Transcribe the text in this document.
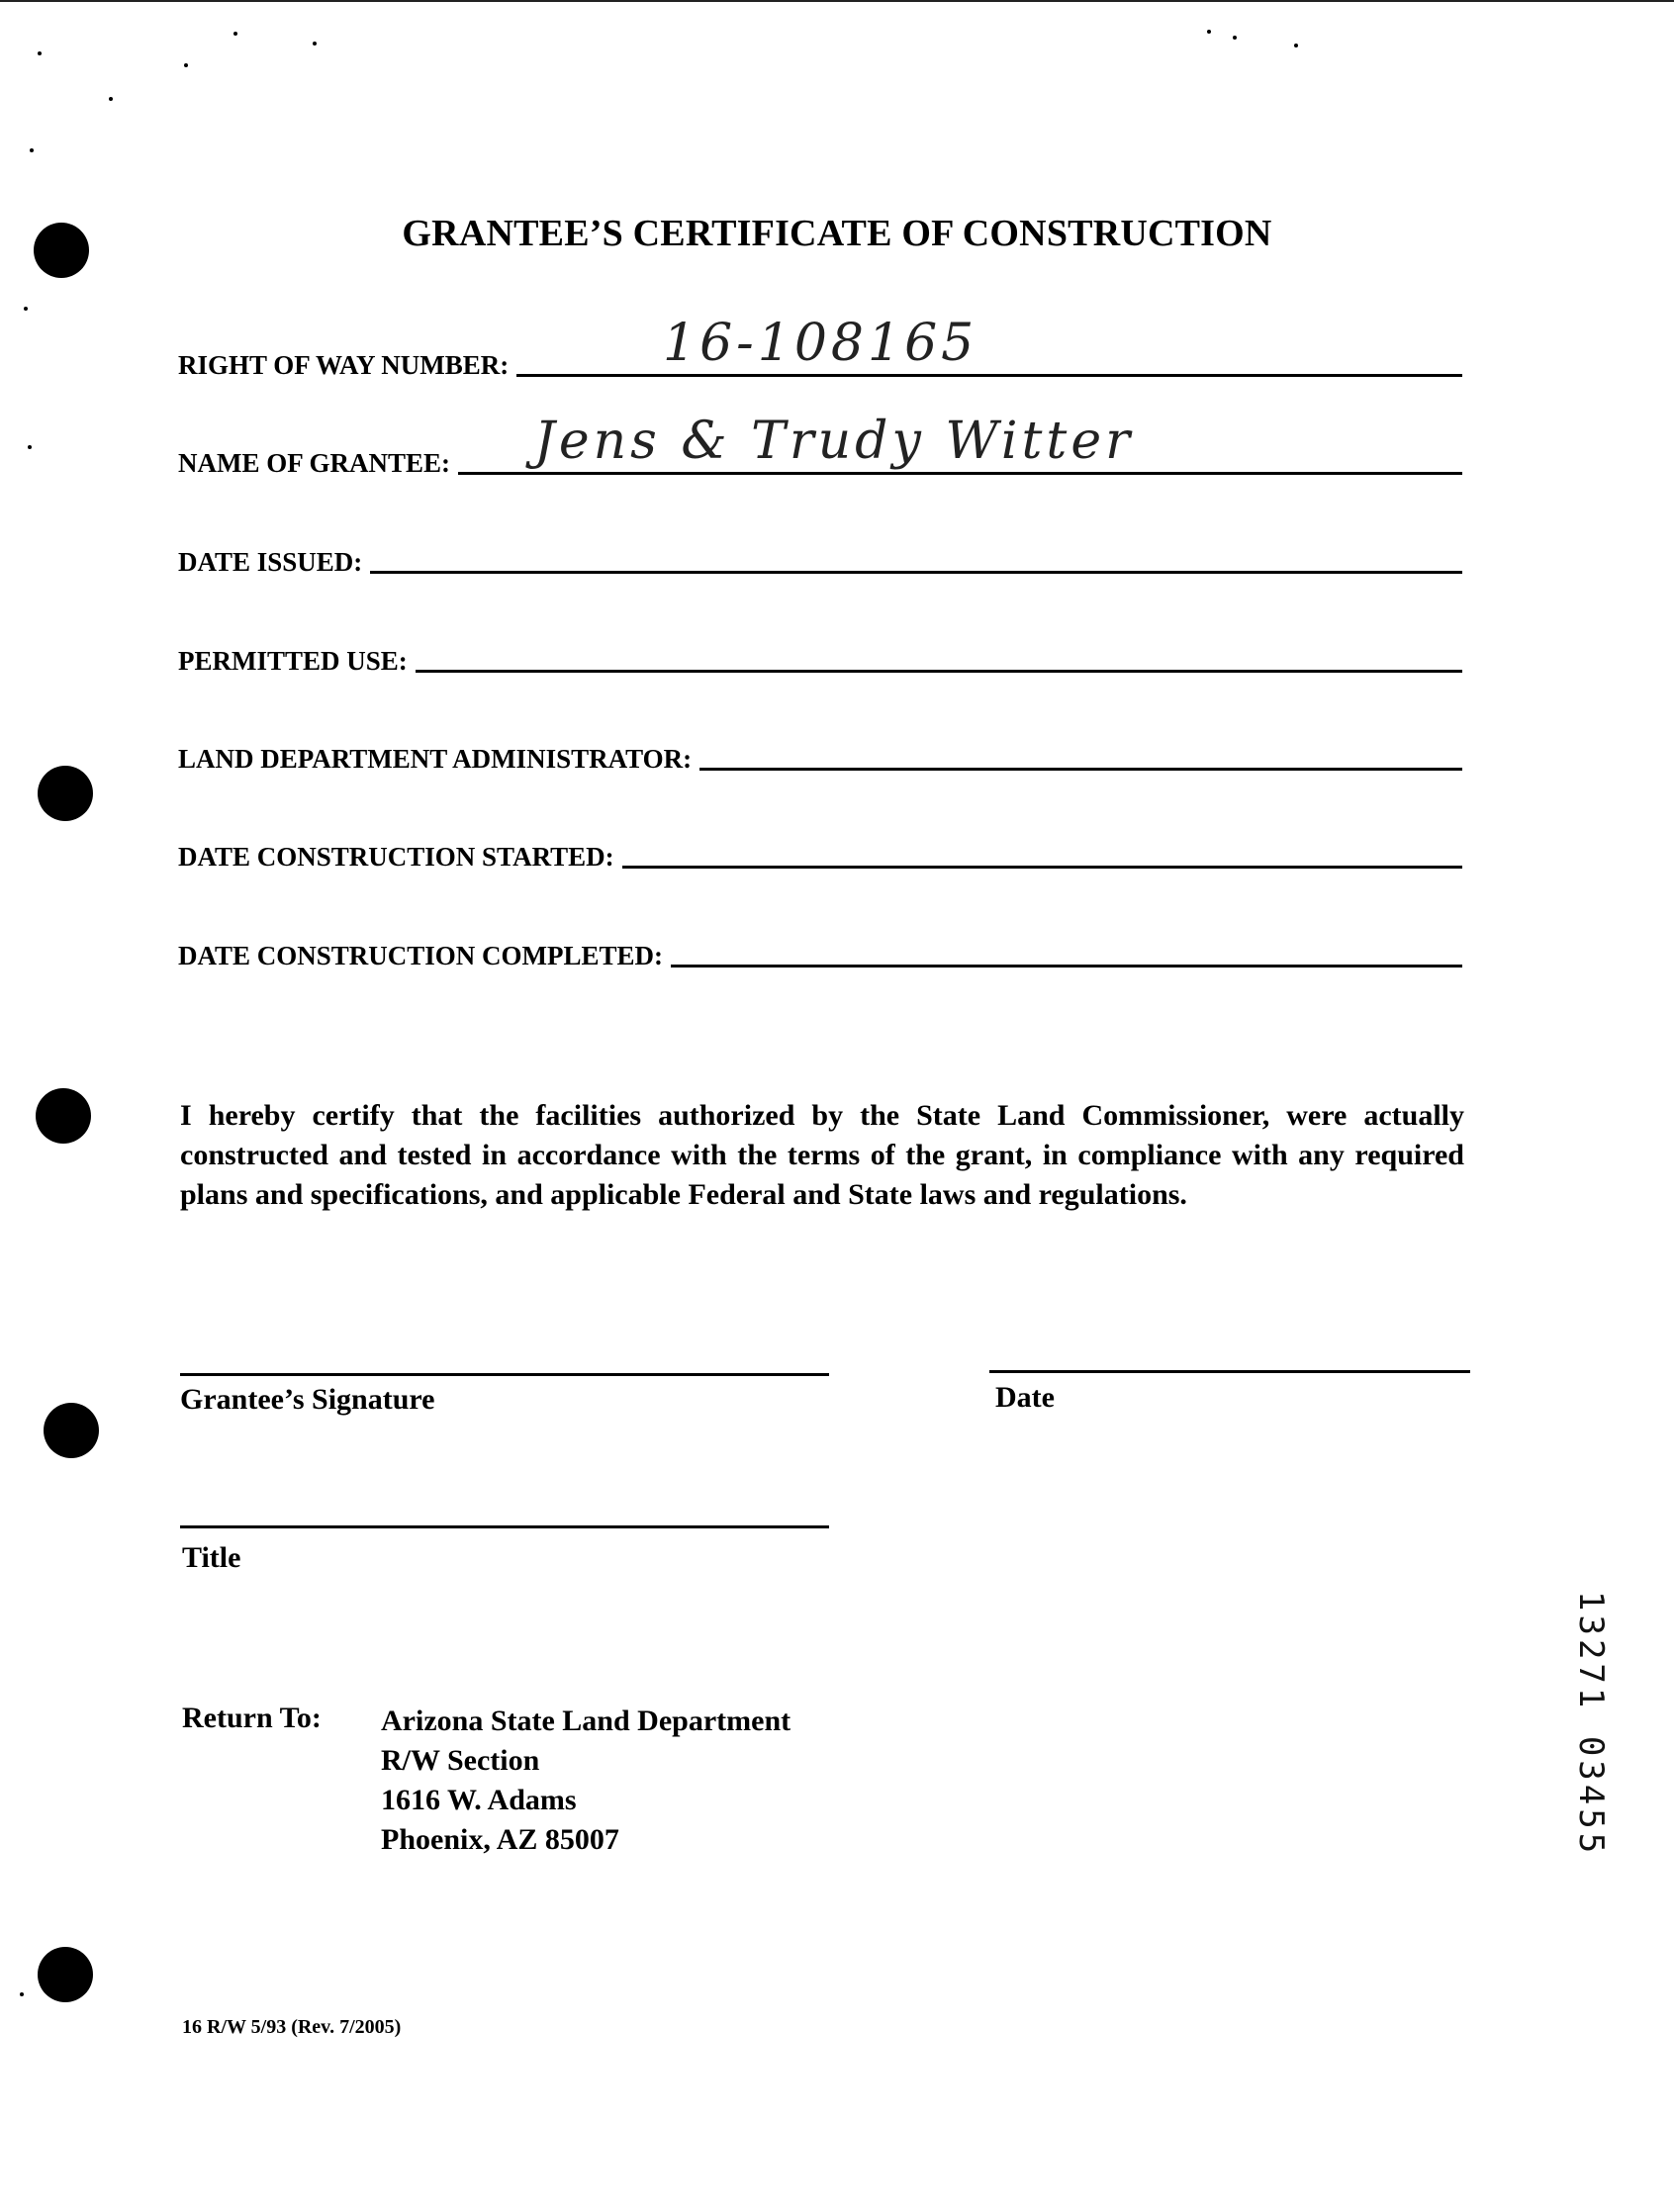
GRANTEE’S CERTIFICATE OF CONSTRUCTION
RIGHT OF WAY NUMBER:	16-108165
NAME OF GRANTEE: Jens & Trudy Witter
DATE ISSUED:
PERMITTED USE:
LAND DEPARTMENT ADMINISTRATOR:
DATE CONSTRUCTION STARTED:
DATE CONSTRUCTION COMPLETED:
I hereby certify that the facilities authorized by the State Land Commissioner, were actually constructed and tested in accordance with the terms of the grant, in compliance with any required plans and specifications, and applicable Federal and State laws and regulations.
Grantee’s Signature	Date
Title
Return To: Arizona State Land Department
R/W Section
1616 W. Adams
Phoenix, AZ 85007
16 R/W 5/93 (Rev. 7/2005)
13271 03455
